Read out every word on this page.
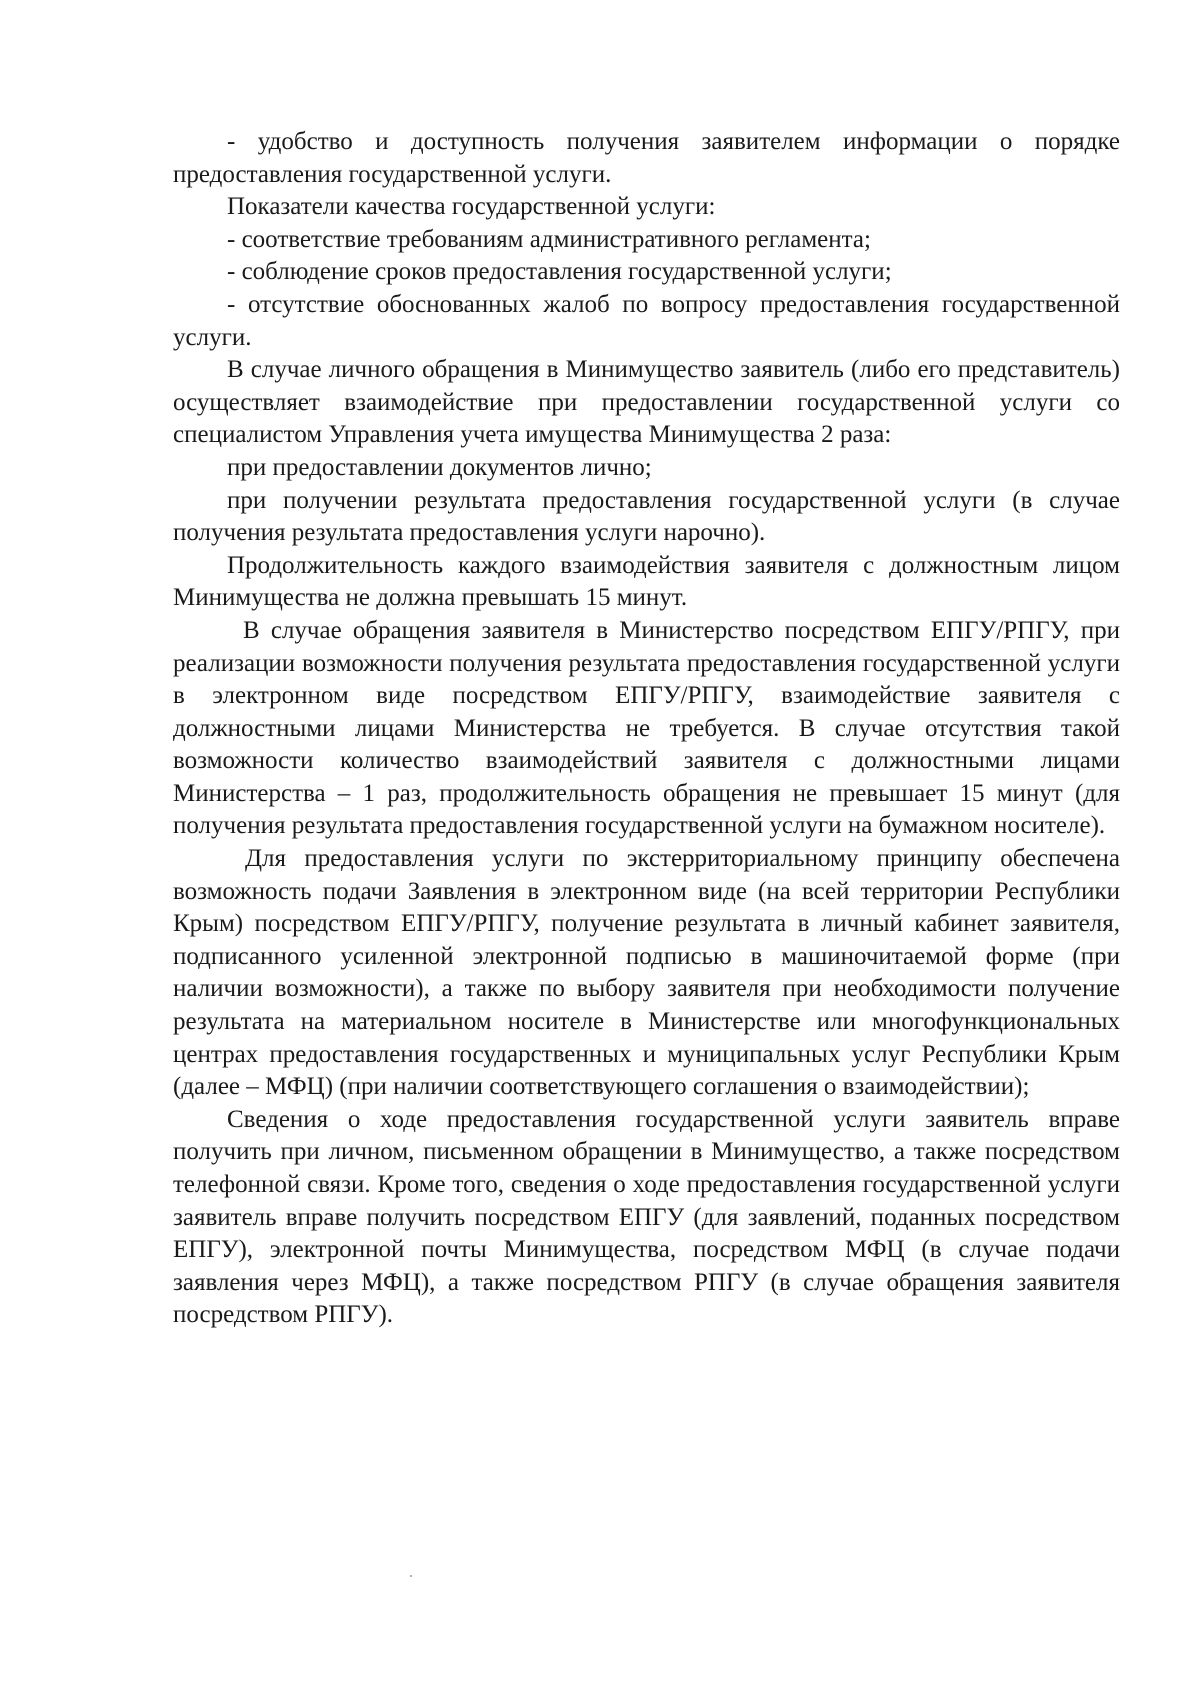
- удобство и доступность получения заявителем информации о порядке предоставления государственной услуги.

Показатели качества государственной услуги:

- соответствие требованиям административного регламента;

- соблюдение сроков предоставления государственной услуги;

- отсутствие обоснованных жалоб по вопросу предоставления государственной услуги.

В случае личного обращения в Минимущество заявитель (либо его представитель) осуществляет взаимодействие при предоставлении государственной услуги со специалистом Управления учета имущества Минимущества 2 раза:

при предоставлении документов лично;

при получении результата предоставления государственной услуги (в случае получения результата предоставления услуги нарочно).

Продолжительность каждого взаимодействия заявителя с должностным лицом Минимущества не должна превышать 15 минут.

В случае обращения заявителя в Министерство посредством ЕПГУ/РПГУ, при реализации возможности получения результата предоставления государственной услуги в электронном виде посредством ЕПГУ/РПГУ, взаимодействие заявителя с должностными лицами Министерства не требуется. В случае отсутствия такой возможности количество взаимодействий заявителя с должностными лицами Министерства – 1 раз, продолжительность обращения не превышает 15 минут (для получения результата предоставления государственной услуги на бумажном носителе).

Для предоставления услуги по экстерриториальному принципу обеспечена возможность подачи Заявления в электронном виде (на всей территории Республики Крым) посредством ЕПГУ/РПГУ, получение результата в личный кабинет заявителя, подписанного усиленной электронной подписью в машиночитаемой форме (при наличии возможности), а также по выбору заявителя при необходимости получение результата на материальном носителе в Министерстве или многофункциональных центрах предоставления государственных и муниципальных услуг Республики Крым (далее – МФЦ) (при наличии соответствующего соглашения о взаимодействии);

Сведения о ходе предоставления государственной услуги заявитель вправе получить при личном, письменном обращении в Минимущество, а также посредством телефонной связи. Кроме того, сведения о ходе предоставления государственной услуги заявитель вправе получить посредством ЕПГУ (для заявлений, поданных посредством ЕПГУ), электронной почты Минимущества, посредством МФЦ (в случае подачи заявления через МФЦ), а также посредством РПГУ (в случае обращения заявителя посредством РПГУ).
